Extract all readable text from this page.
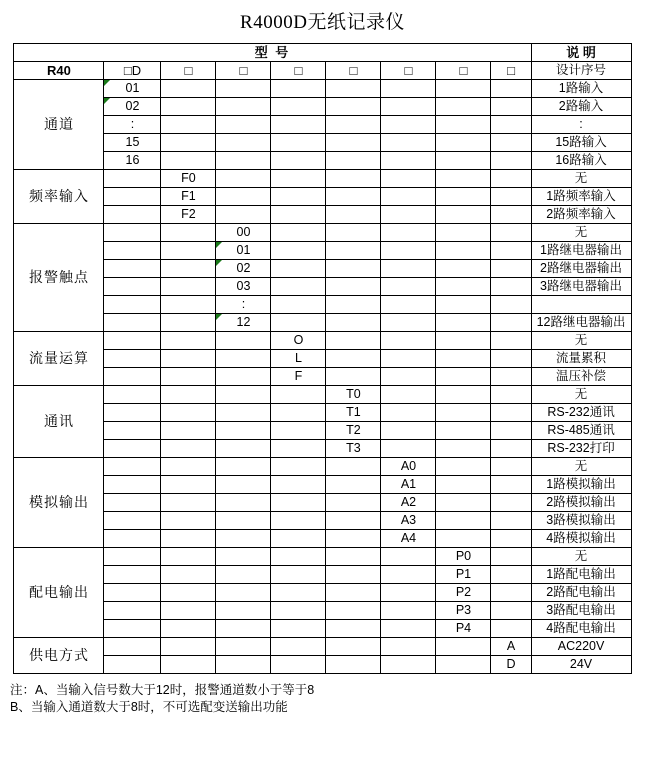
R4000D无纸记录仪
型 号									说 明
R40	□D	□	□	□	□	□	□	□	设计序号
通道	01								1路输入
	02								2路输入
	:								:
	15								15路输入
	16								16路输入
频率输入		F0							无
		F1							1路频率输入
		F2							2路频率输入
报警触点			00						无
			01						1路继电器输出
			02						2路继电器输出
			03						3路继电器输出
			:						
			12						12路继电器输出
流量运算				O					无
				L					流量累积
				F					温压补偿
通讯					T0				无
					T1				RS-232通讯
					T2				RS-485通讯
					T3				RS-232打印
模拟输出						A0			无
						A1			1路模拟输出
						A2			2路模拟输出
						A3			3路模拟输出
						A4			4路模拟输出
配电输出							P0		无
							P1		1路配电输出
							P2		2路配电输出
							P3		3路配电输出
							P4		4路配电输出
供电方式								A	AC220V
								D	24V
注：A、当输入信号数大于12时，报警通道数小于等于8
B、当输入通道数大于8时，不可选配变送输出功能
